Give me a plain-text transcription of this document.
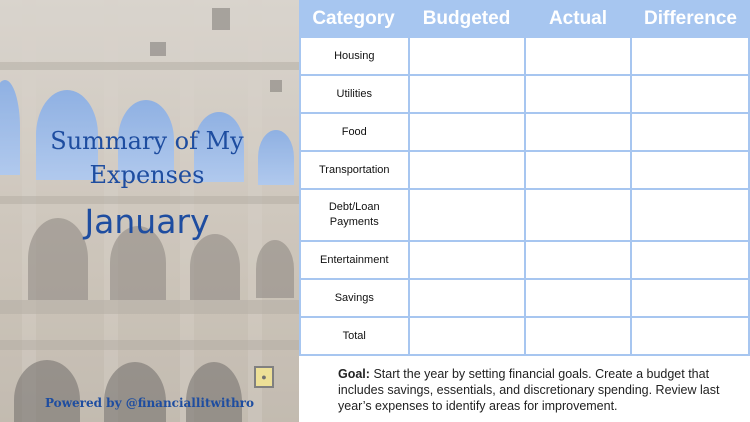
●
Summary of My Expenses
January
Powered by @financiallitwithro
Category	Budgeted	Actual	Difference
Housing
Utilities
Food
Transportation
Debt/Loan Payments
Entertainment
Savings
Total
Goal: Start the year by setting financial goals. Create a budget that includes savings, essentials, and discretionary spending. Review last year’s expenses to identify areas for improvement.
